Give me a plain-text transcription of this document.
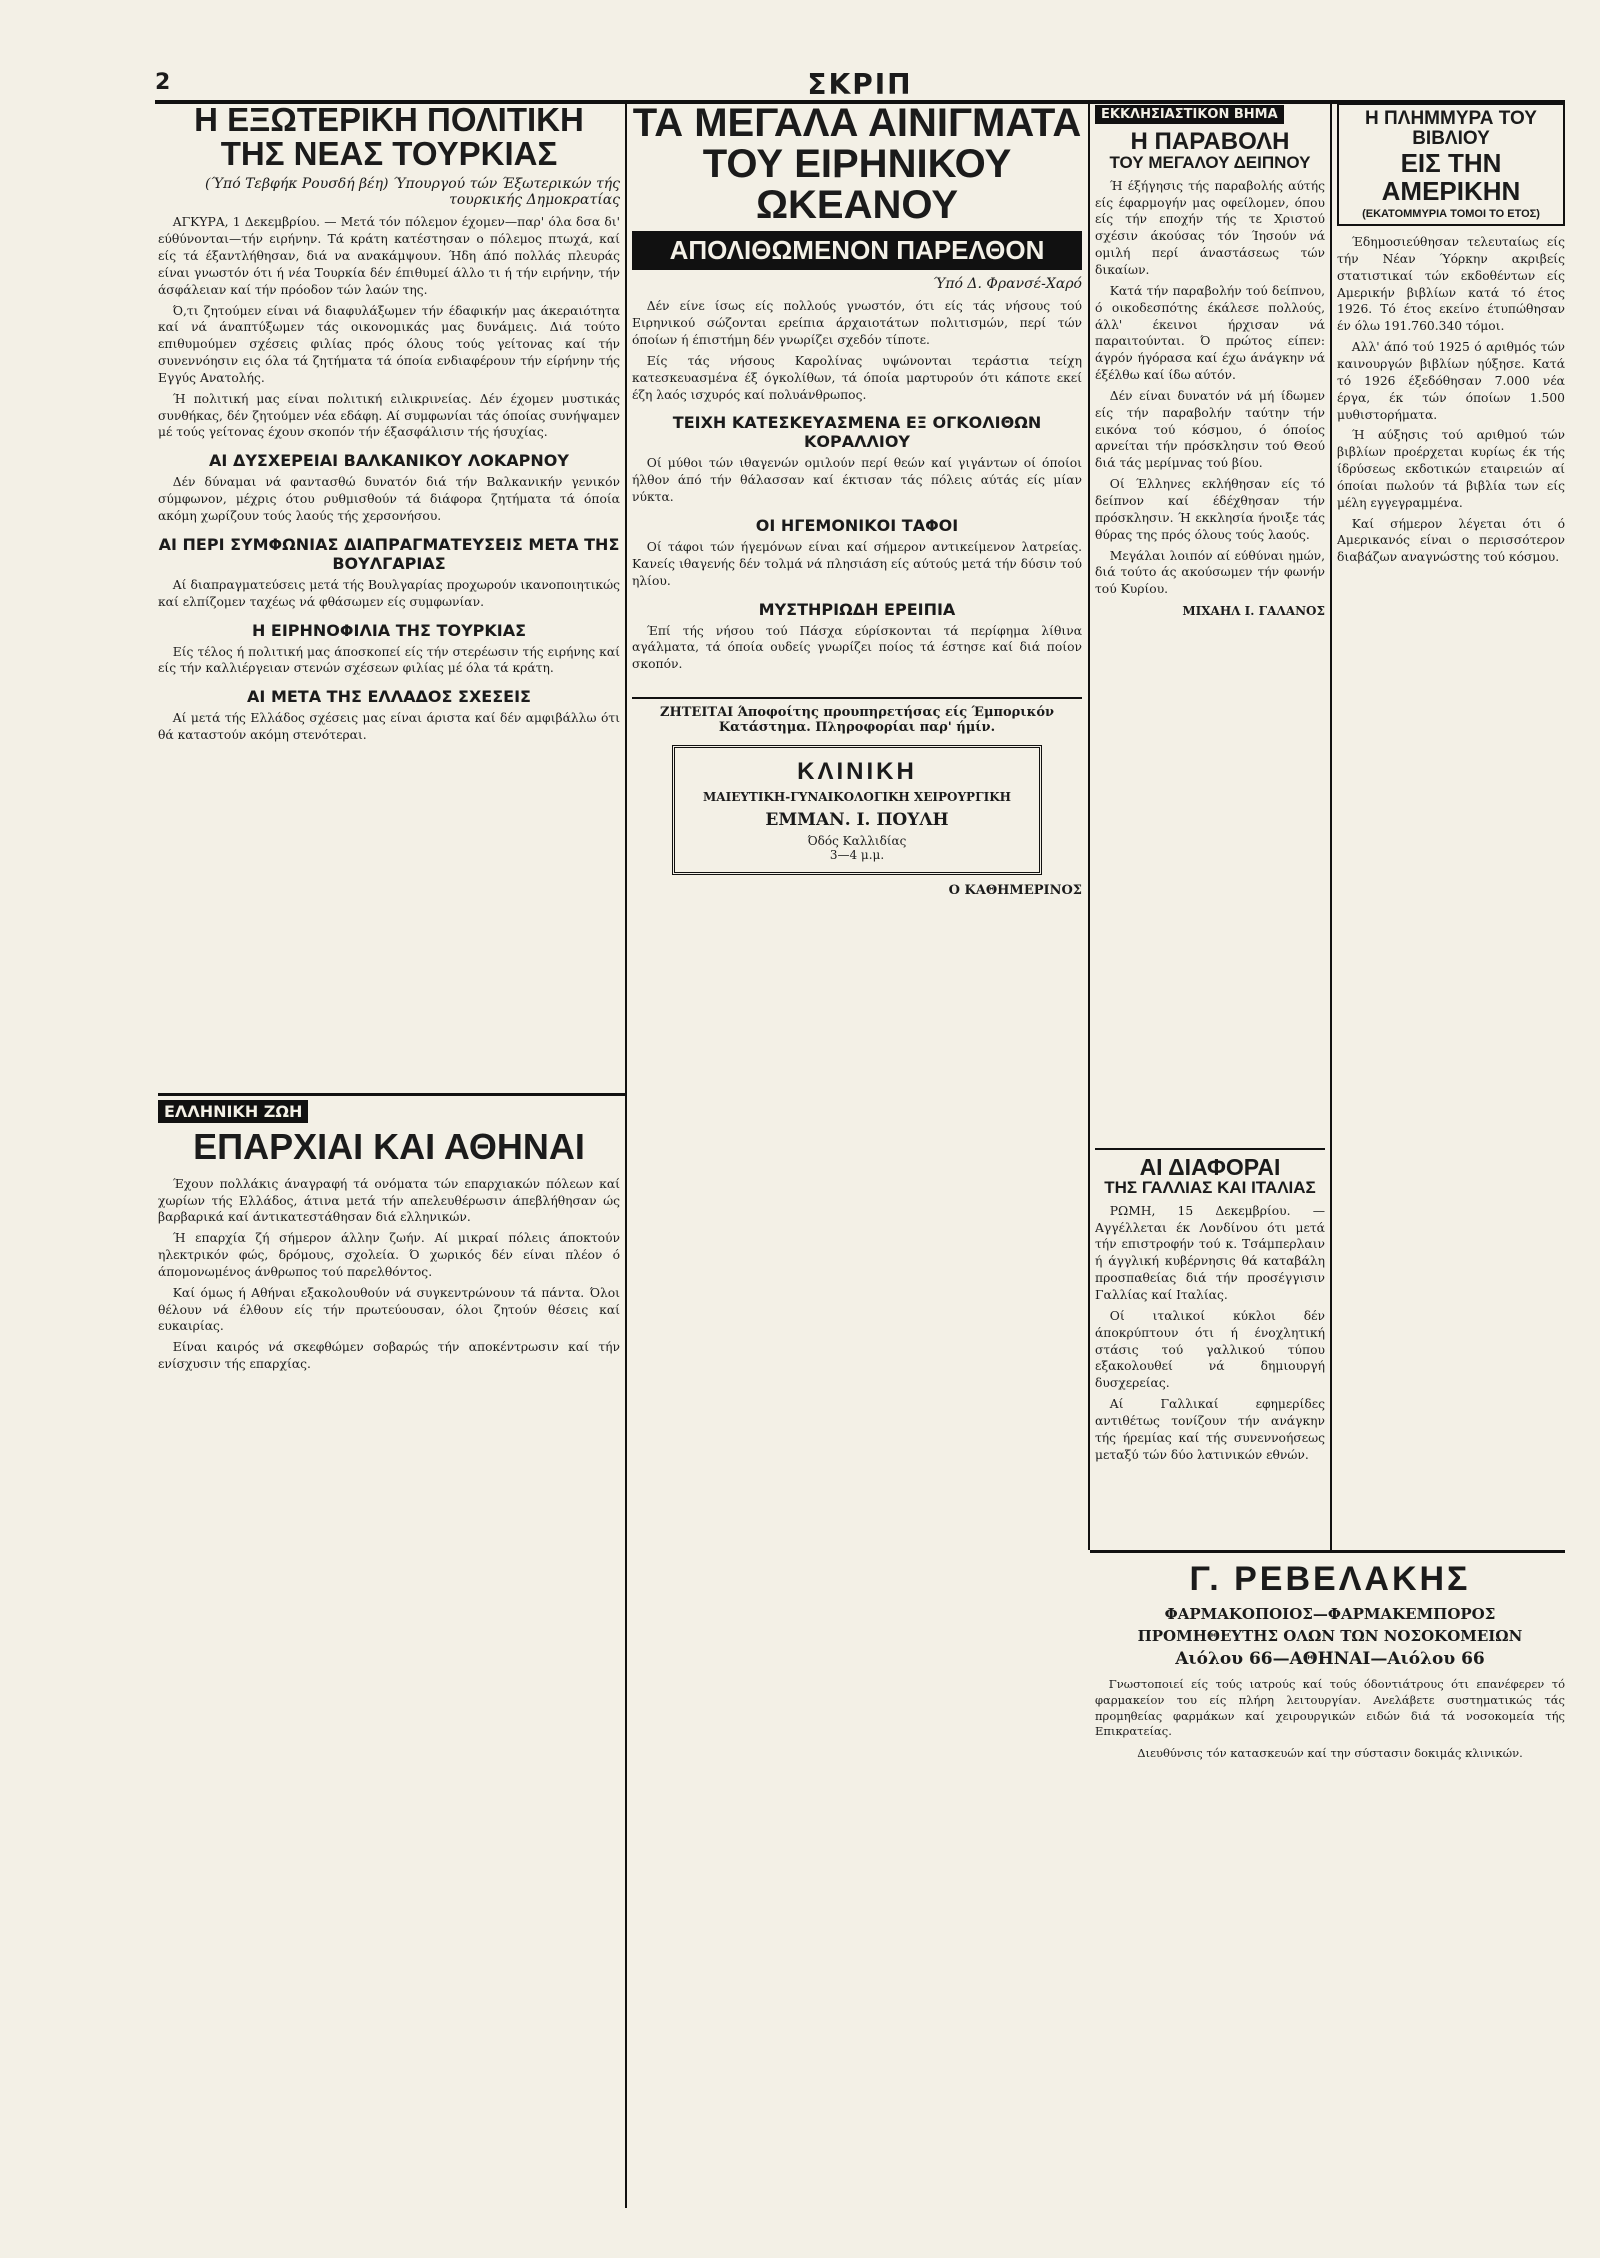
2	ΣΚΡΙΠ
Η ΕΞΩΤΕΡΙΚΗ ΠΟΛΙΤΙΚΗ ΤΗΣ ΝΕΑΣ ΤΟΥΡΚΙΑΣ

(Ύπό Τεβφήκ Ρουσδή βέη) Ύπουργού τών Έξωτερικών τής τουρκικής Δημοκρατίας

ΑΓΚΥΡΑ, 1 Δεκεμβρίου. — Μετά τόν πόλεμον έχομεν—παρ' όλα δσα δι' εύθύνονται—τήν ειρήνην. Τά κράτη κατέστησαν ο πόλεμος πτωχά, καί είς τά έξαντλήθησαν, διά να ανακάμψουν. Ήδη άπό πολλάς πλευράς είναι γνωστόν ότι ή νέα Τουρκία δέν έπιθυμεί άλλο τι ή τήν ειρήνην, τήν άσφάλειαν καί τήν πρόοδον τών λαών της.

Ό,τι ζητούμεν είναι νά διαφυλάξωμεν τήν έδαφικήν μας άκεραιότητα καί νά άναπτύξωμεν τάς οικονομικάς μας δυνάμεις. Διά τούτο επιθυμούμεν σχέσεις φιλίας πρός όλους τούς γείτονας καί τήν συνεννόησιν εις όλα τά ζητήματα τά όποία ενδιαφέρουν τήν είρήνην τής Εγγύς Ανατολής.

Ή πολιτική μας είναι πολιτική ειλικρινείας. Δέν έχομεν μυστικάς συνθήκας, δέν ζητούμεν νέα εδάφη. Αί συμφωνίαι τάς όποίας συνήψαμεν μέ τούς γείτονας έχουν σκοπόν τήν έξασφάλισιν τής ήσυχίας.

ΑΙ ΔΥΣΧΕΡΕΙΑΙ ΒΑΛΚΑΝΙΚΟΥ ΛΟΚΑΡΝΟΥ

Δέν δύναμαι νά φαντασθώ δυνατόν διά τήν Βαλκανικήν γενικόν σύμφωνον, μέχρις ότου ρυθμισθούν τά διάφορα ζητήματα τά όποία ακόμη χωρίζουν τούς λαούς τής χερσονήσου.

ΑΙ ΠΕΡΙ ΣΥΜΦΩΝΙΑΣ ΔΙΑΠΡΑΓΜΑΤΕΥΣΕΙΣ ΜΕΤΑ ΤΗΣ ΒΟΥΛΓΑΡΙΑΣ

Αί διαπραγματεύσεις μετά τής Βουλγαρίας προχωρούν ικανοποιητικώς καί ελπίζομεν ταχέως νά φθάσωμεν είς συμφωνίαν.

Η ΕΙΡΗΝΟΦΙΛΙΑ ΤΗΣ ΤΟΥΡΚΙΑΣ

Είς τέλος ή πολιτική μας άποσκοπεί είς τήν στερέωσιν τής ειρήνης καί είς τήν καλλιέργειαν στενών σχέσεων φιλίας μέ όλα τά κράτη.

ΑΙ ΜΕΤΑ ΤΗΣ ΕΛΛΑΔΟΣ ΣΧΕΣΕΙΣ

Αί μετά τής Ελλάδος σχέσεις μας είναι άριστα καί δέν αμφιβάλλω ότι θά καταστούν ακόμη στενότεραι.

ΕΛΛΗΝΙΚΗ ΖΩΗ
ΕΠΑΡΧΙΑΙ ΚΑΙ ΑΘΗΝΑΙ

Έχουν πολλάκις άναγραφή τά ονόματα τών επαρχιακών πόλεων καί χωρίων τής Ελλάδος, άτινα μετά τήν απελευθέρωσιν άπεβλήθησαν ώς βαρβαρικά καί άντικατεστάθησαν διά ελληνικών.

Ή επαρχία ζή σήμερον άλλην ζωήν. Αί μικραί πόλεις άποκτούν ηλεκτρικόν φώς, δρόμους, σχολεία. Ό χωρικός δέν είναι πλέον ό άπομονωμένος άνθρωπος τού παρελθόντος.

Καί όμως ή Αθήναι εξακολουθούν νά συγκεντρώνουν τά πάντα. Όλοι θέλουν νά έλθουν είς τήν πρωτεύουσαν, όλοι ζητούν θέσεις καί ευκαιρίας.

Είναι καιρός νά σκεφθώμεν σοβαρώς τήν αποκέντρωσιν καί τήν ενίσχυσιν τής επαρχίας.

ΤΑ ΜΕΓΑΛΑ ΑΙΝΙΓΜΑΤΑ
ΤΟΥ ΕΙΡΗΝΙΚΟΥ ΩΚΕΑΝΟΥ
ΑΠΟΛΙΘΩΜΕΝΟΝ ΠΑΡΕΛΘΟΝ

Ύπό Δ. Φρανσέ-Χαρό

Δέν είνε ίσως είς πολλούς γνωστόν, ότι είς τάς νήσους τού Ειρηνικού σώζονται ερείπια άρχαιοτάτων πολιτισμών, περί τών όποίων ή έπιστήμη δέν γνωρίζει σχεδόν τίποτε.

Είς τάς νήσους Καρολίνας υψώνονται τεράστια τείχη κατεσκευασμένα έξ όγκολίθων, τά όποία μαρτυρούν ότι κάποτε εκεί έζη λαός ισχυρός καί πολυάνθρωπος.

ΤΕΙΧΗ ΚΑΤΕΣΚΕΥΑΣΜΕΝΑ ΕΞ ΟΓΚΟΛΙΘΩΝ ΚΟΡΑΛΛΙΟΥ

Οί μύθοι τών ιθαγενών ομιλούν περί θεών καί γιγάντων οί όποίοι ήλθον άπό τήν θάλασσαν καί έκτισαν τάς πόλεις αύτάς είς μίαν νύκτα.

ΟΙ ΗΓΕΜΟΝΙΚΟΙ ΤΑΦΟΙ

Οί τάφοι τών ήγεμόνων είναι καί σήμερον αντικείμενον λατρείας. Κανείς ιθαγενής δέν τολμά νά πλησιάση είς αύτούς μετά τήν δύσιν τού ηλίου.

ΜΥΣΤΗΡΙΩΔΗ ΕΡΕΙΠΙΑ

Έπί τής νήσου τού Πάσχα εύρίσκονται τά περίφημα λίθινα αγάλματα, τά όποία ουδείς γνωρίζει ποίος τά έστησε καί διά ποίον σκοπόν.

ΖΗΤΕΙΤΑΙ Άποφοίτης προυπηρετήσας είς Έμπορικόν Κατάστημα. Πληροφορίαι παρ' ήμίν.
ΚΛΙΝΙΚΗ
ΜΑΙΕΥΤΙΚΗ-ΓΥΝΑΙΚΟΛΟΓΙΚΗ ΧΕΙΡΟΥΡΓΙΚΗ
ΕΜΜΑΝ. Ι. ΠΟΥΛΗ
Όδός Καλλιδίας
3—4 μ.μ.
Ο ΚΑΘΗΜΕΡΙΝΟΣ
ΕΚΚΛΗΣΙΑΣΤΙΚΟΝ ΒΗΜΑ
Η ΠΑΡΑΒΟΛΗ
ΤΟΥ ΜΕΓΑΛΟΥ ΔΕΙΠΝΟΥ

Ή έξήγησις τής παραβολής αύτής είς έφαρμογήν μας οφείλομεν, όπου είς τήν εποχήν τής τε Χριστού σχέσιν άκούσας τόν Ίησούν νά ομιλή περί άναστάσεως τών δικαίων.

Κατά τήν παραβολήν τού δείπνου, ό οικοδεσπότης έκάλεσε πολλούς, άλλ' έκεινοι ήρχισαν νά παραιτούνται. Ό πρώτος είπεν: άγρόν ήγόρασα καί έχω άνάγκην νά έξέλθω καί ίδω αύτόν.

Δέν είναι δυνατόν νά μή ίδωμεν είς τήν παραβολήν ταύτην τήν εικόνα τού κόσμου, ό όποίος αρνείται τήν πρόσκλησιν τού Θεού διά τάς μερίμνας τού βίου.

Οί Έλληνες εκλήθησαν είς τό δείπνον καί έδέχθησαν τήν πρόσκλησιν. Ή εκκλησία ήνοιξε τάς θύρας της πρός όλους τούς λαούς.

Μεγάλαι λοιπόν αί εύθύναι ημών, διά τούτο άς ακούσωμεν τήν φωνήν τού Κυρίου.

ΜΙΧΑΗΛ Ι. ΓΑΛΑΝΟΣ
Η ΠΛΗΜΜΥΡΑ ΤΟΥ ΒΙΒΛΙΟΥ
ΕΙΣ ΤΗΝ ΑΜΕΡΙΚΗΝ
(ΕΚΑΤΟΜΜΥΡΙΑ ΤΟΜΟΙ ΤΟ ΕΤΟΣ)

Έδημοσιεύθησαν τελευταίως είς τήν Νέαν Ύόρκην ακριβείς στατιστικαί τών εκδοθέντων είς Αμερικήν βιβλίων κατά τό έτος 1926. Τό έτος εκείνο έτυπώθησαν έν όλω 191.760.340 τόμοι.

Αλλ' άπό τού 1925 ό αριθμός τών καινουργών βιβλίων ηύξησε. Κατά τό 1926 έξεδόθησαν 7.000 νέα έργα, έκ τών όποίων 1.500 μυθιστορήματα.

Ή αύξησις τού αριθμού τών βιβλίων προέρχεται κυρίως έκ τής ίδρύσεως εκδοτικών εταιρειών αί όποίαι πωλούν τά βιβλία των είς μέλη εγγεγραμμένα.

Καί σήμερον λέγεται ότι ό Αμερικανός είναι ο περισσότερον διαβάζων αναγνώστης τού κόσμου.

ΑΙ ΔΙΑΦΟΡΑΙ
ΤΗΣ ΓΑΛΛΙΑΣ ΚΑΙ ΙΤΑΛΙΑΣ

ΡΩΜΗ, 15 Δεκεμβρίου. — Αγγέλλεται έκ Λονδίνου ότι μετά τήν επιστροφήν τού κ. Τσάμπερλαιν ή άγγλική κυβέρνησις θά καταβάλη προσπαθείας διά τήν προσέγγισιν Γαλλίας καί Ιταλίας.

Οί ιταλικοί κύκλοι δέν άποκρύπτουν ότι ή ένοχλητική στάσις τού γαλλικού τύπου εξακολουθεί νά δημιουργή δυσχερείας.

Αί Γαλλικαί εφημερίδες αντιθέτως τονίζουν τήν ανάγκην τής ήρεμίας καί τής συνεννοήσεως μεταξύ τών δύο λατινικών εθνών.

Γ. ΡΕΒΕΛΑΚΗΣ
ΦΑΡΜΑΚΟΠΟΙΟΣ—ΦΑΡΜΑΚΕΜΠΟΡΟΣ
ΠΡΟΜΗΘΕΥΤΗΣ ΟΛΩΝ ΤΩΝ ΝΟΣΟΚΟΜΕΙΩΝ
Αιόλου 66—ΑΘΗΝΑΙ—Αιόλου 66

Γνωστοποιεί είς τούς ιατρούς καί τούς όδοντιάτρους ότι επανέφερεν τό φαρμακείον του είς πλήρη λειτουργίαν. Ανελάβετε συστηματικώς τάς προμηθείας φαρμάκων καί χειρουργικών ειδών διά τά νοσοκομεία τής Επικρατείας.

Διευθύνσις τόν κατασκευών καί την σύστασιν δοκιμάς κλινικών.
